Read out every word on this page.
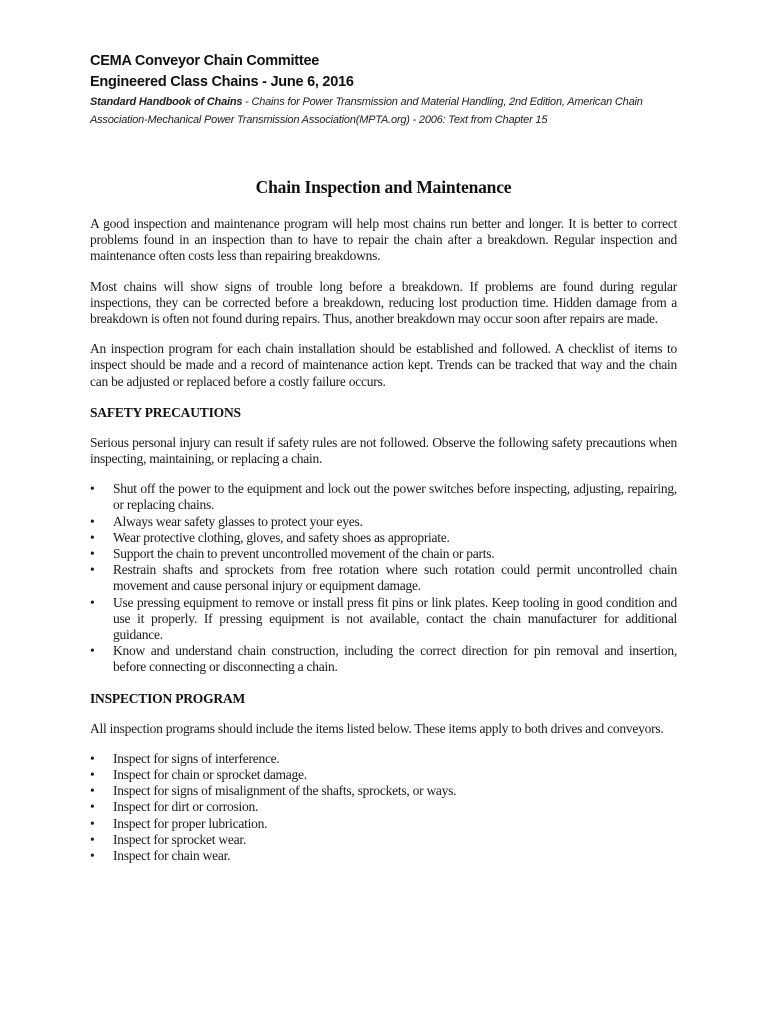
CEMA Conveyor Chain Committee
Engineered Class Chains - June 6, 2016
Standard Handbook of Chains - Chains for Power Transmission and Material Handling, 2nd Edition, American Chain Association-Mechanical Power Transmission Association(MPTA.org) - 2006: Text from Chapter 15
Chain Inspection and Maintenance

A good inspection and maintenance program will help most chains run better and longer. It is better to correct problems found in an inspection than to have to repair the chain after a breakdown. Regular inspection and maintenance often costs less than repairing breakdowns.

Most chains will show signs of trouble long before a breakdown. If problems are found during regular inspections, they can be corrected before a breakdown, reducing lost production time. Hidden damage from a breakdown is often not found during repairs. Thus, another breakdown may occur soon after repairs are made.

An inspection program for each chain installation should be established and followed. A checklist of items to inspect should be made and a record of maintenance action kept. Trends can be tracked that way and the chain can be adjusted or replaced before a costly failure occurs.

SAFETY PRECAUTIONS

Serious personal injury can result if safety rules are not followed. Observe the following safety precautions when inspecting, maintaining, or replacing a chain.

•	Shut off the power to the equipment and lock out the power switches before inspecting, adjusting, repairing, or replacing chains.
•	Always wear safety glasses to protect your eyes.
•	Wear protective clothing, gloves, and safety shoes as appropriate.
•	Support the chain to prevent uncontrolled movement of the chain or parts.
•	Restrain shafts and sprockets from free rotation where such rotation could permit uncontrolled chain movement and cause personal injury or equipment damage.
•	Use pressing equipment to remove or install press fit pins or link plates. Keep tooling in good condition and use it properly. If pressing equipment is not available, contact the chain manufacturer for additional guidance.
•	Know and understand chain construction, including the correct direction for pin removal and insertion, before connecting or disconnecting a chain.
INSPECTION PROGRAM

All inspection programs should include the items listed below. These items apply to both drives and conveyors.

•	Inspect for signs of interference.
•	Inspect for chain or sprocket damage.
•	Inspect for signs of misalignment of the shafts, sprockets, or ways.
•	Inspect for dirt or corrosion.
•	Inspect for proper lubrication.
•	Inspect for sprocket wear.
•	Inspect for chain wear.
